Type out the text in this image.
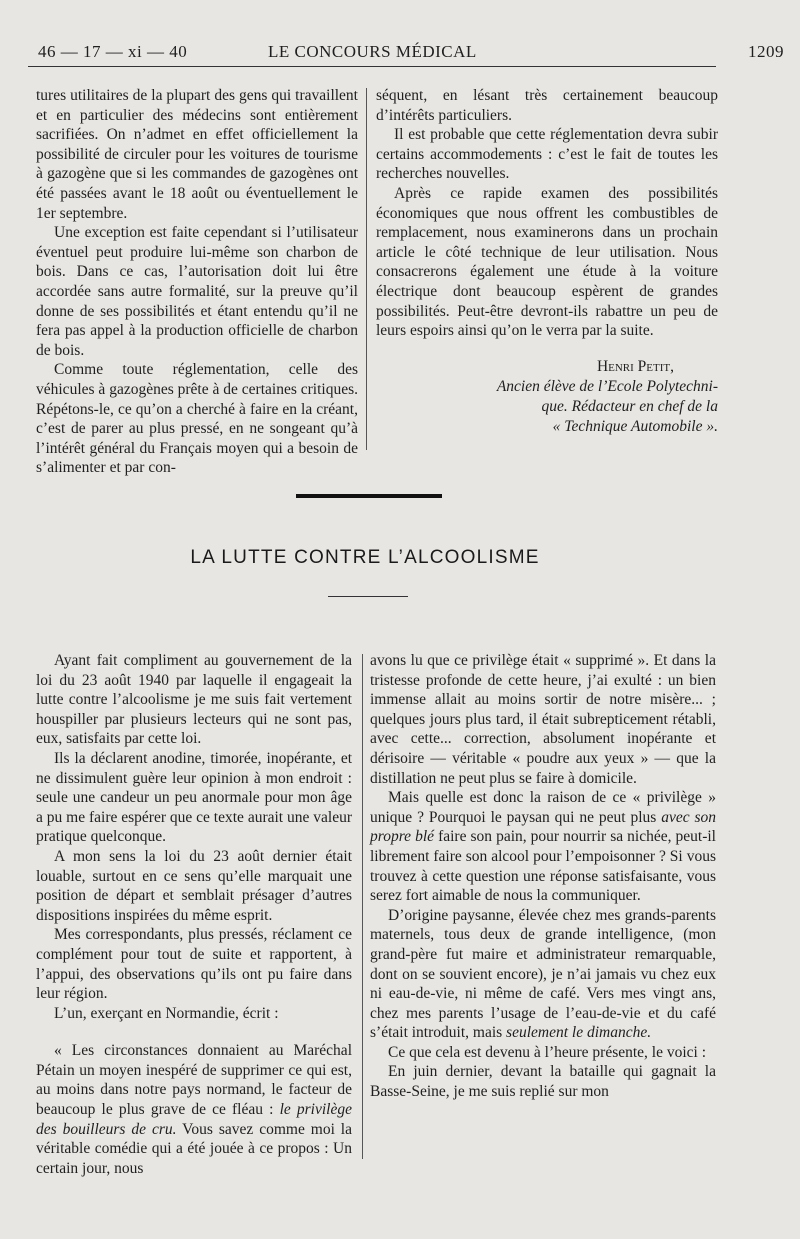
46 — 17 — xi — 40	LE CONCOURS MÉDICAL	1209

tures utilitaires de la plupart des gens qui travaillent et en particulier des médecins sont entièrement sacrifiées. On n’admet en effet officiellement la possibilité de circuler pour les voitures de tourisme à gazogène que si les commandes de gazogènes ont été passées avant le 18 août ou éventuellement le 1er septembre.

Une exception est faite cependant si l’utilisateur éventuel peut produire lui-même son charbon de bois. Dans ce cas, l’autorisation doit lui être accordée sans autre formalité, sur la preuve qu’il donne de ses possibilités et étant entendu qu’il ne fera pas appel à la production officielle de charbon de bois.

Comme toute réglementation, celle des véhicules à gazogènes prête à de certaines critiques. Répétons-le, ce qu’on a cherché à faire en la créant, c’est de parer au plus pressé, en ne songeant qu’à l’intérêt général du Français moyen qui a besoin de s’alimenter et par con-

séquent, en lésant très certainement beaucoup d’intérêts particuliers.

Il est probable que cette réglementation devra subir certains accommodements : c’est le fait de toutes les recherches nouvelles.

Après ce rapide examen des possibilités économiques que nous offrent les combustibles de remplacement, nous examinerons dans un prochain article le côté technique de leur utilisation. Nous consacrerons également une étude à la voiture électrique dont beaucoup espèrent de grandes possibilités. Peut-être devront-ils rabattre un peu de leurs espoirs ainsi qu’on le verra par la suite.

Henri Petit,
Ancien élève de l’Ecole Polytechni-
que. Rédacteur en chef de la
« Technique Automobile ».
LA LUTTE CONTRE L’ALCOOLISME

Ayant fait compliment au gouvernement de la loi du 23 août 1940 par laquelle il engageait la lutte contre l’alcoolisme je me suis fait vertement houspiller par plusieurs lecteurs qui ne sont pas, eux, satisfaits par cette loi.

Ils la déclarent anodine, timorée, inopérante, et ne dissimulent guère leur opinion à mon endroit : seule une candeur un peu anormale pour mon âge a pu me faire espérer que ce texte aurait une valeur pratique quelconque.

A mon sens la loi du 23 août dernier était louable, surtout en ce sens qu’elle marquait une position de départ et semblait présager d’autres dispositions inspirées du même esprit.

Mes correspondants, plus pressés, réclament ce complément pour tout de suite et rapportent, à l’appui, des observations qu’ils ont pu faire dans leur région.

L’un, exerçant en Normandie, écrit :

« Les circonstances donnaient au Maréchal Pétain un moyen inespéré de supprimer ce qui est, au moins dans notre pays normand, le facteur de beaucoup le plus grave de ce fléau : le privilège des bouilleurs de cru. Vous savez comme moi la véritable comédie qui a été jouée à ce propos : Un certain jour, nous

avons lu que ce privilège était « supprimé ». Et dans la tristesse profonde de cette heure, j’ai exulté : un bien immense allait au moins sortir de notre misère... ; quelques jours plus tard, il était subrepticement rétabli, avec cette... correction, absolument inopérante et dérisoire — véritable « poudre aux yeux » — que la distillation ne peut plus se faire à domicile.

Mais quelle est donc la raison de ce « privilège » unique ? Pourquoi le paysan qui ne peut plus avec son propre blé faire son pain, pour nourrir sa nichée, peut-il librement faire son alcool pour l’empoisonner ? Si vous trouvez à cette question une réponse satisfaisante, vous serez fort aimable de nous la communiquer.

D’origine paysanne, élevée chez mes grands-parents maternels, tous deux de grande intelligence, (mon grand-père fut maire et administrateur remarquable, dont on se souvient encore), je n’ai jamais vu chez eux ni eau-de-vie, ni même de café. Vers mes vingt ans, chez mes parents l’usage de l’eau-de-vie et du café s’était introduit, mais seulement le dimanche.

Ce que cela est devenu à l’heure présente, le voici :

En juin dernier, devant la bataille qui gagnait la Basse-Seine, je me suis replié sur mon
